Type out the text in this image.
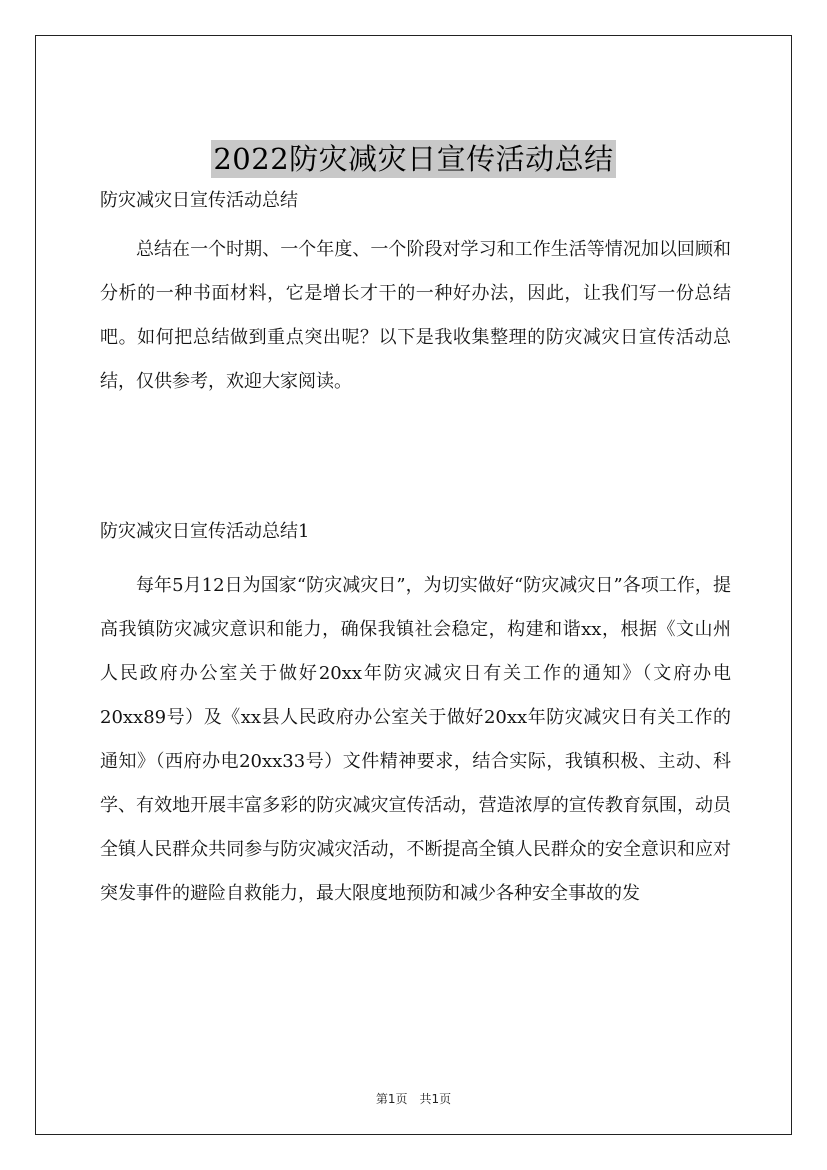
2022防灾减灾日宣传活动总结

防灾减灾日宣传活动总结

总结在一个时期、一个年度、一个阶段对学习和工作生活等情况加以回顾和分析的一种书面材料，它是增长才干的一种好办法，因此，让我们写一份总结吧。如何把总结做到重点突出呢？以下是我收集整理的防灾减灾日宣传活动总结，仅供参考，欢迎大家阅读。

防灾减灾日宣传活动总结1

每年5月12日为国家“防灾减灾日”，为切实做好“防灾减灾日”各项工作，提高我镇防灾减灾意识和能力，确保我镇社会稳定，构建和谐xx，根据《文山州人民政府办公室关于做好20xx年防灾减灾日有关工作的通知》（文府办电20xx89号）及《xx县人民政府办公室关于做好20xx年防灾减灾日有关工作的通知》（西府办电20xx33号）文件精神要求，结合实际，我镇积极、主动、科学、有效地开展丰富多彩的防灾减灾宣传活动，营造浓厚的宣传教育氛围，动员全镇人民群众共同参与防灾减灾活动，不断提高全镇人民群众的安全意识和应对突发事件的避险自救能力，最大限度地预防和减少各种安全事故的发

第1页 共1页
